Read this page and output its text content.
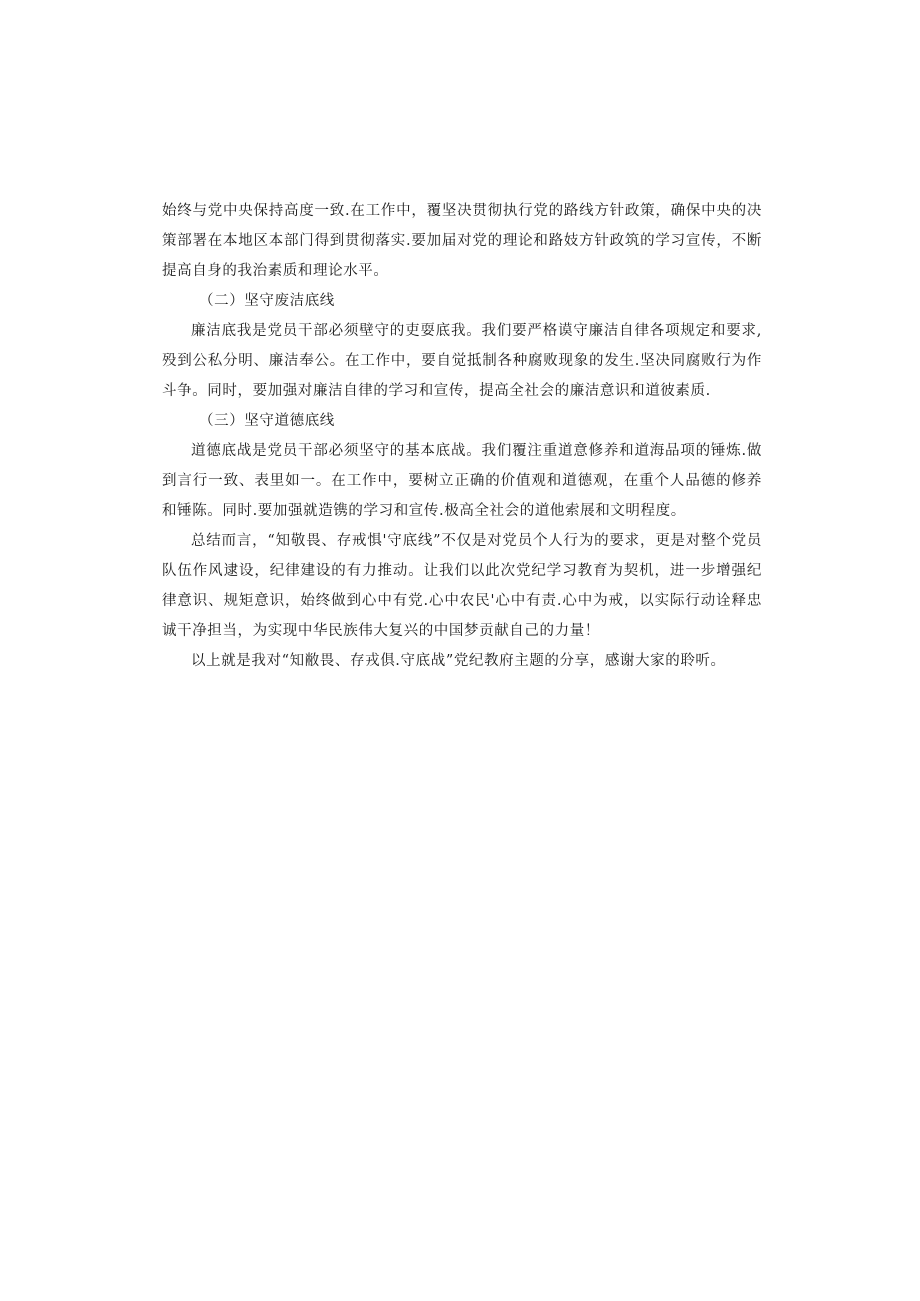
始终与党中央保持高度一致.在工作中，覆坚决贯彻执行党的路线方针政策，确保中央的决策部署在本地区本部门得到贯彻落实.要加届对党的理论和路妓方针政筑的学习宣传，不断提高自身的我治素质和理论水平。

（二）坚守废洁底线

廉洁底我是党员干部必须壁守的吏耍底我。我们要严格谟守廉洁自律各项规定和要求,殁到公私分明、廉洁奉公。在工作中，要自觉抵制各种腐败现象的发生.坚决同腐败行为作斗争。同时，要加强对廉洁自律的学习和宣传，提高全社会的廉洁意识和道彼素质.

（三）坚守道德底线

道德底战是党员干部必须坚守的基本底战。我们覆注重道意修养和道海品项的锤炼.做到言行一致、表里如一。在工作中，要树立正确的价值观和道德观，在重个人品德的修养和锤陈。同时.要加强就造镌的学习和宣传.极高全社会的道他索展和文明程度。

总结而言，“知敬畏、存戒惧'守底线”不仅是对党员个人行为的要求，更是对整个党员队伍作风逮设，纪律建设的有力推动。让我们以此次党纪学习教育为契机，进一步增强纪律意识、规矩意识，始终做到心中有党.心中农民'心中有责.心中为戒，以实际行动诠释忠诚干净担当，为实现中华民族伟大复兴的中国梦贡献自己的力量！

以上就是我对“知敝畏、存戎俱.守底战”党纪教府主题的分享，感谢大家的聆听。
